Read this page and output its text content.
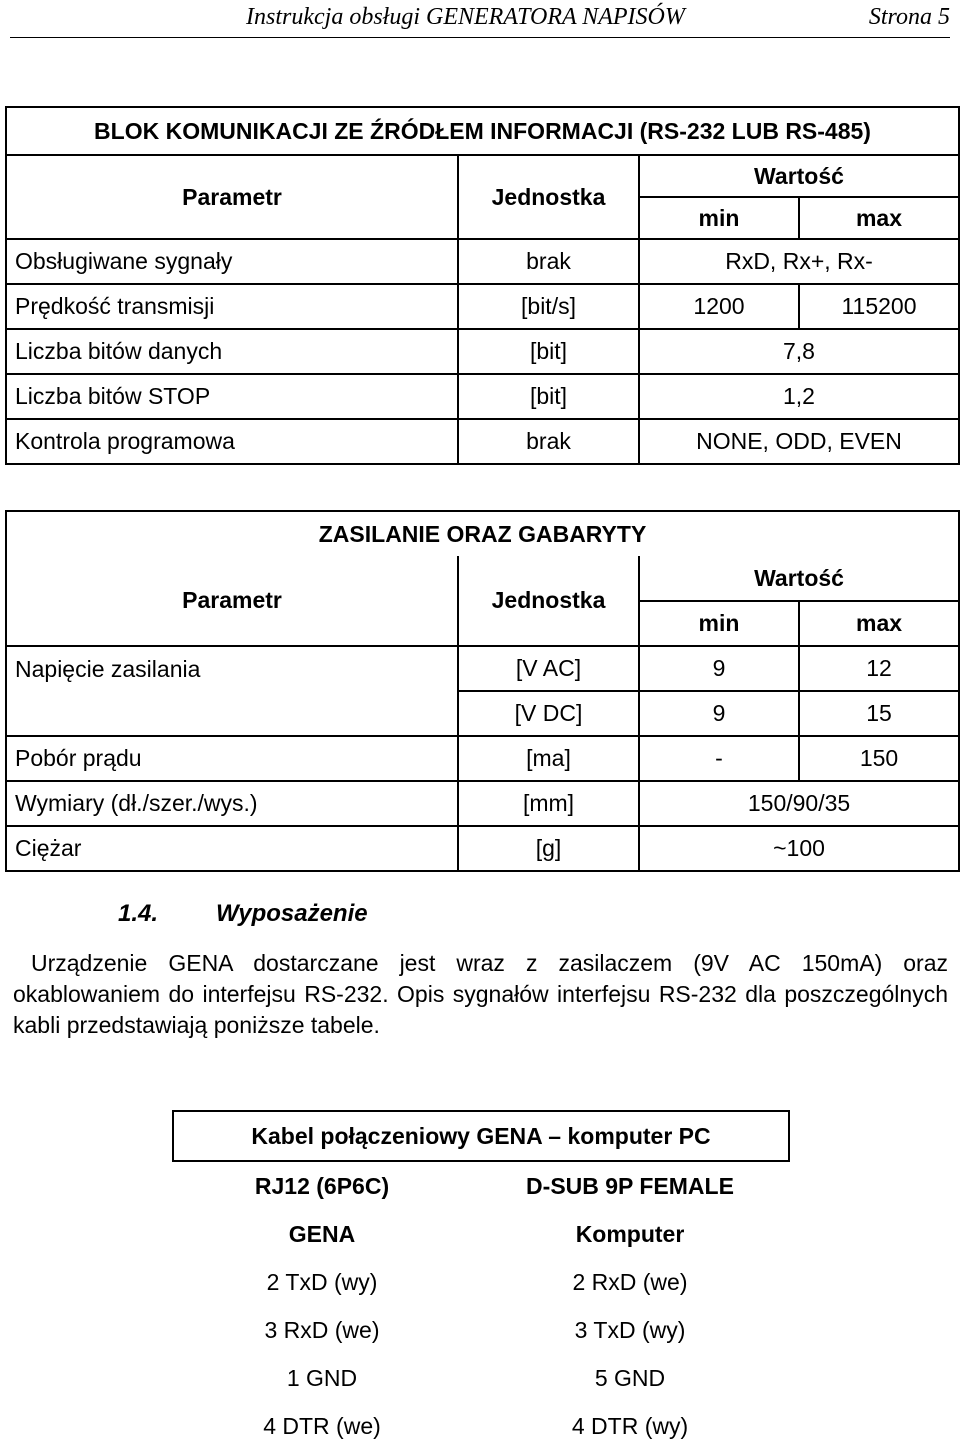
Instrukcja obsługi GENERATORA NAPISÓW	Strona 5
BLOK KOMUNIKACJI ZE ŹRÓDŁEM INFORMACJI (RS-232 LUB RS-485)			
Parametr	Jednostka	Wartość	
		min	max
Obsługiwane sygnały	brak	RxD, Rx+, Rx-	
Prędkość transmisji	[bit/s]	1200	115200
Liczba bitów danych	[bit]	7,8	
Liczba bitów STOP	[bit]	1,2	
Kontrola programowa	brak	NONE, ODD, EVEN	
ZASILANIE ORAZ GABARYTY			
Parametr	Jednostka	Wartość	
		min	max
Napięcie zasilania	[V AC]	9	12
	[V DC]	9	15
Pobór prądu	[ma]	-	150
Wymiary (dł./szer./wys.)	[mm]	150/90/35	
Ciężar	[g]	~100	
1.4. Wyposażenie
Urządzenie GENA dostarczane jest wraz z zasilaczem (9V AC 150mA) oraz okablowaniem do interfejsu RS-232. Opis sygnałów interfejsu RS-232 dla poszczególnych kabli przedstawiają poniższe tabele.
Kabel połączeniowy GENA – komputer PC	
RJ12 (6P6C)	D-SUB 9P FEMALE
GENA	Komputer
2 TxD (wy)	2 RxD (we)
3 RxD (we)	3 TxD (wy)
1 GND	5 GND
4 DTR (we)	4 DTR (wy)
